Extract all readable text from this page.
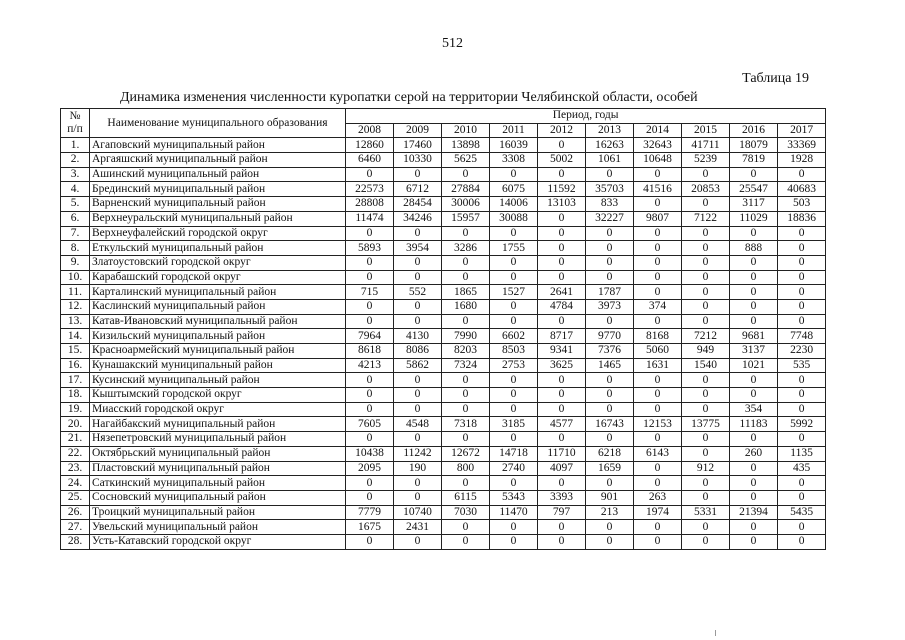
512
Таблица 19
Динамика изменения численности куропатки серой на территории Челябинской области, особей
№
п/п	Наименование муниципального образования	Период, годы									
		2008	2009	2010	2011	2012	2013	2014	2015	2016	2017
1.	Агаповский муниципальный район	12860	17460	13898	16039	0	16263	32643	41711	18079	33369
2.	Аргаяшский муниципальный район	6460	10330	5625	3308	5002	1061	10648	5239	7819	1928
3.	Ашинский муниципальный район	0	0	0	0	0	0	0	0	0	0
4.	Брединский муниципальный район	22573	6712	27884	6075	11592	35703	41516	20853	25547	40683
5.	Варненский муниципальный район	28808	28454	30006	14006	13103	833	0	0	3117	503
6.	Верхнеуральский муниципальный район	11474	34246	15957	30088	0	32227	9807	7122	11029	18836
7.	Верхнеуфалейский городской округ	0	0	0	0	0	0	0	0	0	0
8.	Еткульский муниципальный район	5893	3954	3286	1755	0	0	0	0	888	0
9.	Златоустовский городской округ	0	0	0	0	0	0	0	0	0	0
10.	Карабашский городской округ	0	0	0	0	0	0	0	0	0	0
11.	Карталинский муниципальный район	715	552	1865	1527	2641	1787	0	0	0	0
12.	Каслинский муниципальный район	0	0	1680	0	4784	3973	374	0	0	0
13.	Катав-Ивановский муниципальный район	0	0	0	0	0	0	0	0	0	0
14.	Кизильский муниципальный район	7964	4130	7990	6602	8717	9770	8168	7212	9681	7748
15.	Красноармейский муниципальный район	8618	8086	8203	8503	9341	7376	5060	949	3137	2230
16.	Кунашакский муниципальный район	4213	5862	7324	2753	3625	1465	1631	1540	1021	535
17.	Кусинский муниципальный район	0	0	0	0	0	0	0	0	0	0
18.	Кыштымский городской округ	0	0	0	0	0	0	0	0	0	0
19.	Миасский городской округ	0	0	0	0	0	0	0	0	354	0
20.	Нагайбакский муниципальный район	7605	4548	7318	3185	4577	16743	12153	13775	11183	5992
21.	Нязепетровский муниципальный район	0	0	0	0	0	0	0	0	0	0
22.	Октябрьский муниципальный район	10438	11242	12672	14718	11710	6218	6143	0	260	1135
23.	Пластовский муниципальный район	2095	190	800	2740	4097	1659	0	912	0	435
24.	Саткинский муниципальный район	0	0	0	0	0	0	0	0	0	0
25.	Сосновский муниципальный район	0	0	6115	5343	3393	901	263	0	0	0
26.	Троицкий муниципальный район	7779	10740	7030	11470	797	213	1974	5331	21394	5435
27.	Увельский муниципальный район	1675	2431	0	0	0	0	0	0	0	0
28.	Усть-Катавский городской округ	0	0	0	0	0	0	0	0	0	0
